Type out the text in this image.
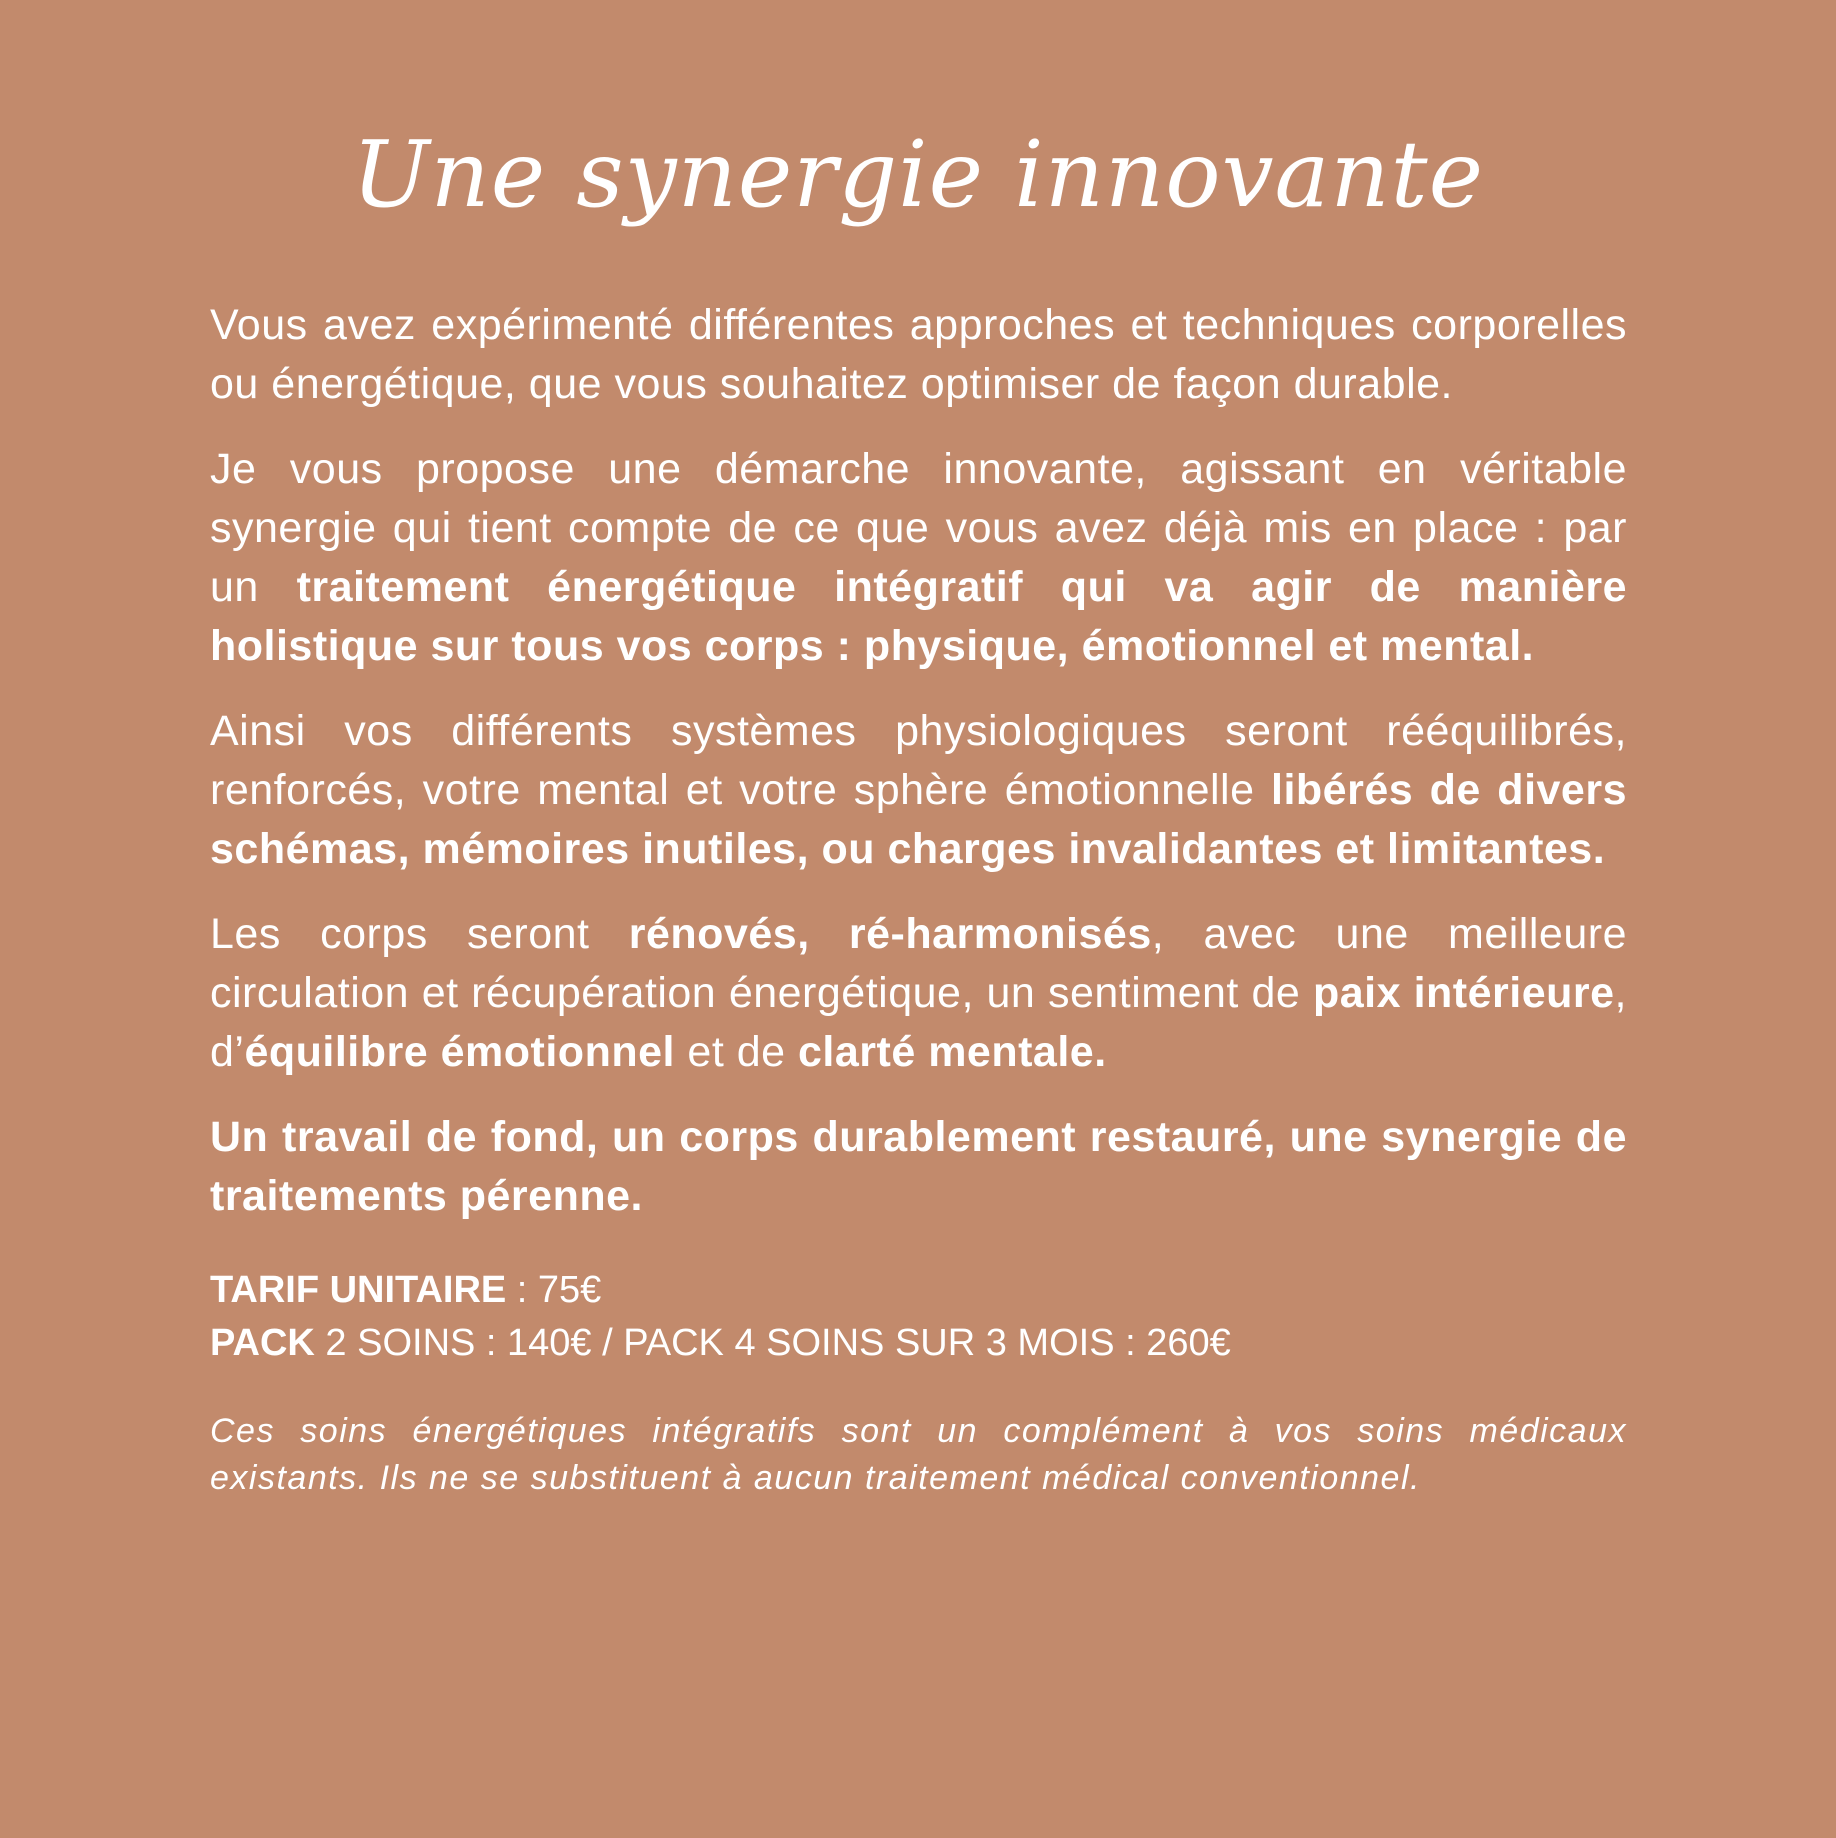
Une synergie innovante

Vous avez expérimenté différentes approches et techniques corporelles ou énergétique, que vous souhaitez optimiser de façon durable.

Je vous propose une démarche innovante, agissant en véritable synergie qui tient compte de ce que vous avez déjà mis en place : par un traitement énergétique intégratif qui va agir de manière holistique sur tous vos corps : physique, émotionnel et mental.

Ainsi vos différents systèmes physiologiques seront rééquilibrés, renforcés, votre mental et votre sphère émotionnelle libérés de divers schémas, mémoires inutiles, ou charges invalidantes et limitantes.

Les corps seront rénovés, ré-harmonisés, avec une meilleure circulation et récupération énergétique, un sentiment de paix intérieure, d’équilibre émotionnel et de clarté mentale.

Un travail de fond, un corps durablement restauré, une synergie de traitements pérenne.

TARIF UNITAIRE : 75€
PACK 2 SOINS : 140€ / PACK 4 SOINS SUR 3 MOIS : 260€
Ces soins énergétiques intégratifs sont un complément à vos soins médicaux existants. Ils ne se substituent à aucun traitement médical conventionnel.
